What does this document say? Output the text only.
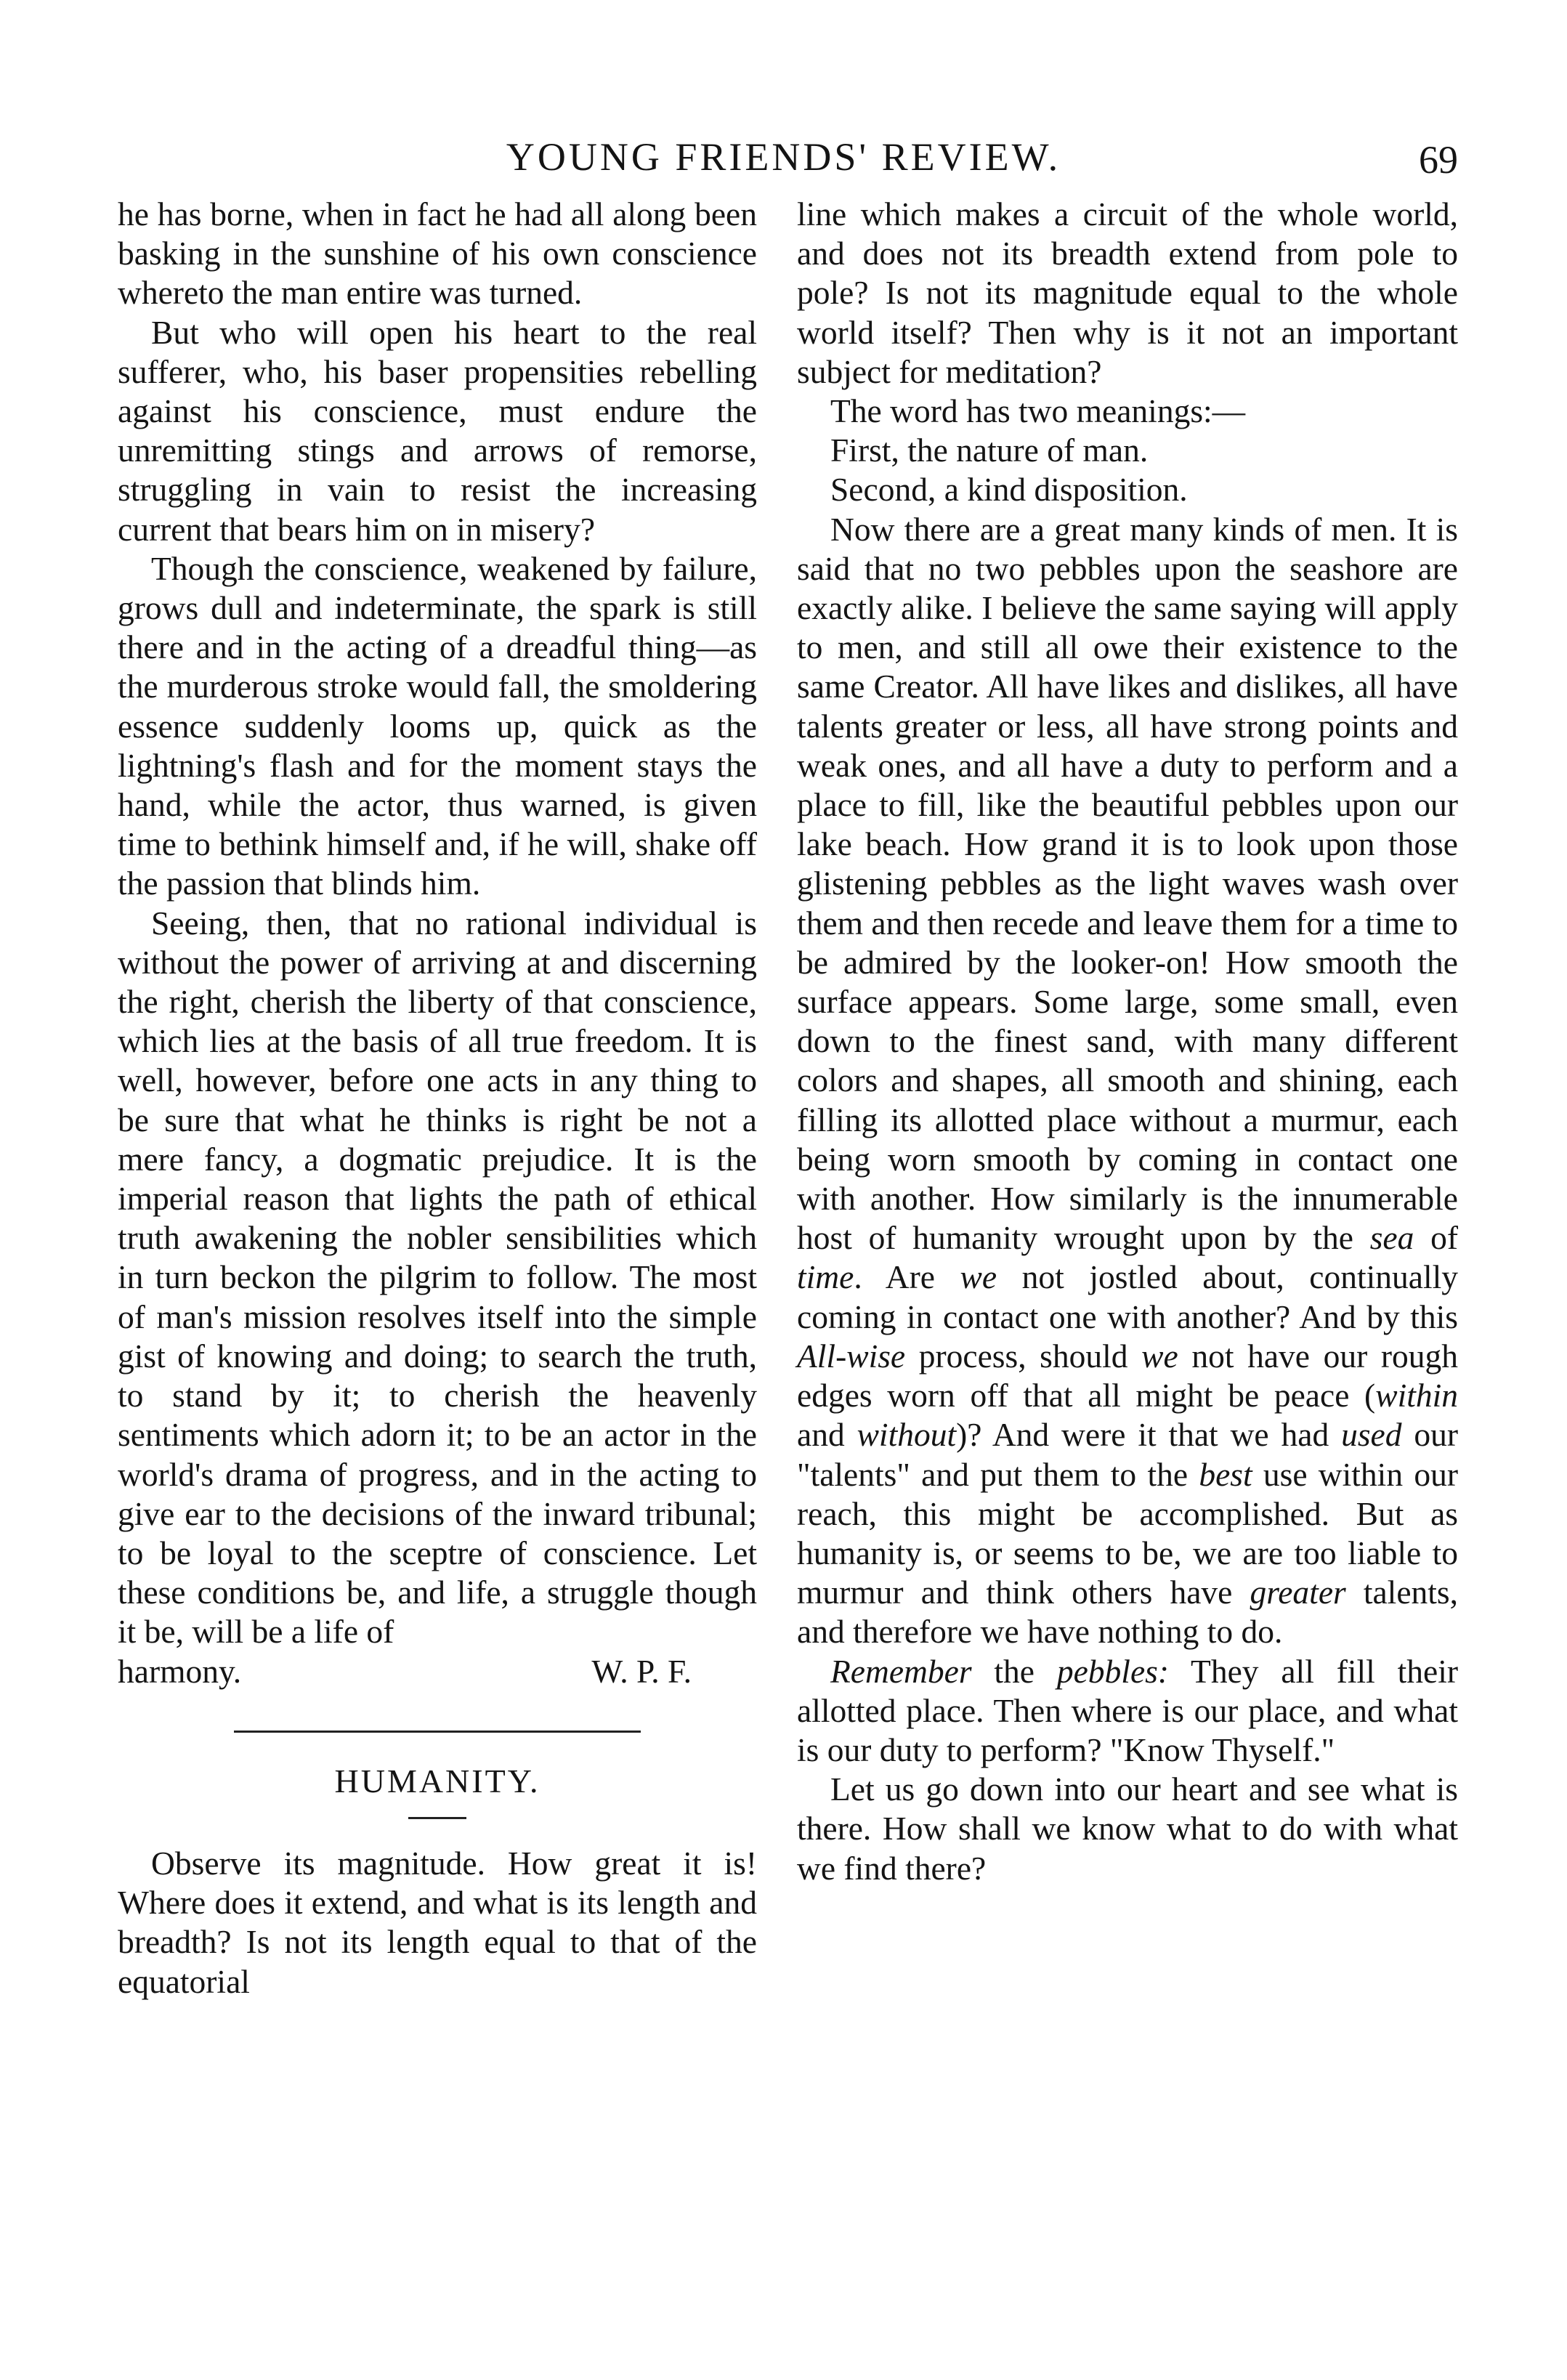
YOUNG FRIENDS' REVIEW.	69

he has borne, when in fact he had all along been basking in the sunshine of his own conscience whereto the man entire was turned.

But who will open his heart to the real sufferer, who, his baser propensities rebelling against his conscience, must endure the unremitting stings and arrows of remorse, struggling in vain to resist the increasing current that bears him on in misery?

Though the conscience, weakened by failure, grows dull and indeterminate, the spark is still there and in the acting of a dreadful thing—as the murderous stroke would fall, the smoldering essence suddenly looms up, quick as the lightning's flash and for the moment stays the hand, while the actor, thus warned, is given time to bethink himself and, if he will, shake off the passion that blinds him.

Seeing, then, that no rational individual is without the power of arriving at and discerning the right, cherish the liberty of that conscience, which lies at the basis of all true freedom. It is well, however, before one acts in any thing to be sure that what he thinks is right be not a mere fancy, a dogmatic prejudice. It is the imperial reason that lights the path of ethical truth awakening the nobler sensibilities which in turn beckon the pilgrim to follow. The most of man's mission resolves itself into the simple gist of knowing and doing; to search the truth, to stand by it; to cherish the heavenly sentiments which adorn it; to be an actor in the world's drama of progress, and in the acting to give ear to the decisions of the inward tribunal; to be loyal to the sceptre of conscience. Let these conditions be, and life, a struggle though it be, will be a life of

harmony.	W. P. F.

HUMANITY.

Observe its magnitude. How great it is! Where does it extend, and what is its length and breadth? Is not its length equal to that of the equatorial

line which makes a circuit of the whole world, and does not its breadth extend from pole to pole? Is not its magnitude equal to the whole world itself? Then why is it not an important subject for meditation?

The word has two meanings:—

First, the nature of man.

Second, a kind disposition.

Now there are a great many kinds of men. It is said that no two pebbles upon the seashore are exactly alike. I believe the same saying will apply to men, and still all owe their existence to the same Creator. All have likes and dislikes, all have talents greater or less, all have strong points and weak ones, and all have a duty to perform and a place to fill, like the beautiful pebbles upon our lake beach. How grand it is to look upon those glistening pebbles as the light waves wash over them and then recede and leave them for a time to be admired by the looker-on! How smooth the surface appears. Some large, some small, even down to the finest sand, with many different colors and shapes, all smooth and shining, each filling its allotted place without a murmur, each being worn smooth by coming in contact one with another. How similarly is the innumerable host of humanity wrought upon by the sea of time. Are we not jostled about, continually coming in contact one with another? And by this All-wise process, should we not have our rough edges worn off that all might be peace (within and without)? And were it that we had used our "talents" and put them to the best use within our reach, this might be accomplished. But as humanity is, or seems to be, we are too liable to murmur and think others have greater talents, and therefore we have nothing to do.

Remember the pebbles: They all fill their allotted place. Then where is our place, and what is our duty to perform? "Know Thyself."

Let us go down into our heart and see what is there. How shall we know what to do with what we find there?
